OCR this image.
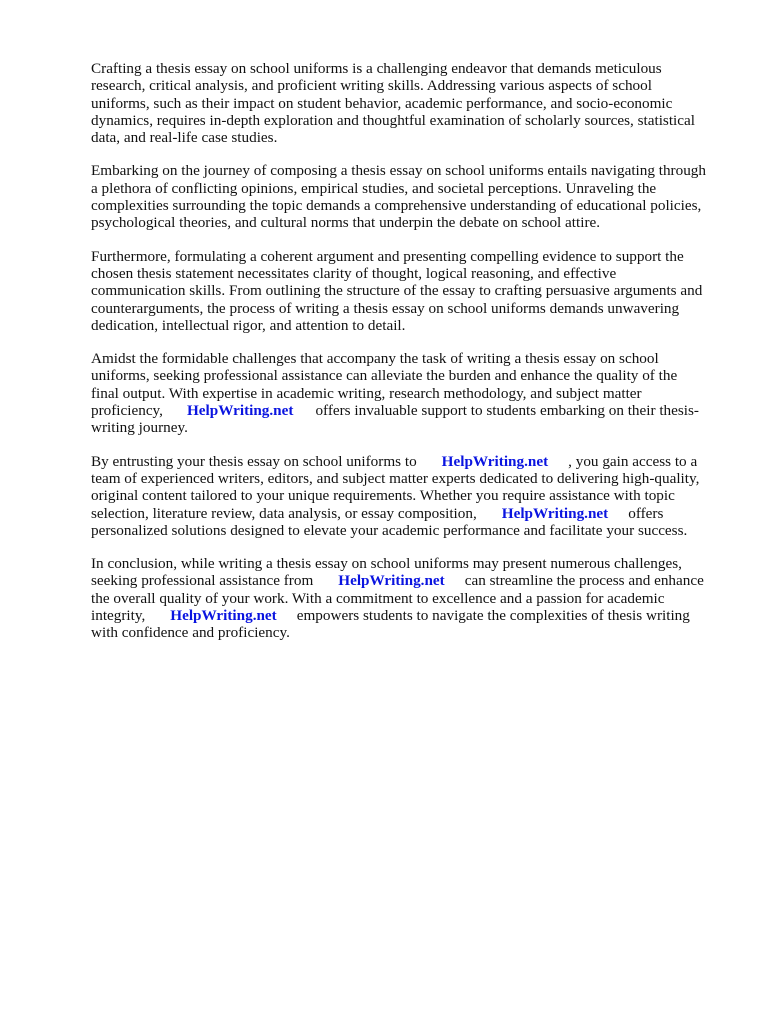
Crafting a thesis essay on school uniforms is a challenging endeavor that demands meticulous
research, critical analysis, and proficient writing skills. Addressing various aspects of school
uniforms, such as their impact on student behavior, academic performance, and socio-economic
dynamics, requires in-depth exploration and thoughtful examination of scholarly sources, statistical
data, and real-life case studies.

Embarking on the journey of composing a thesis essay on school uniforms entails navigating through
a plethora of conflicting opinions, empirical studies, and societal perceptions. Unraveling the
complexities surrounding the topic demands a comprehensive understanding of educational policies,
psychological theories, and cultural norms that underpin the debate on school attire.

Furthermore, formulating a coherent argument and presenting compelling evidence to support the
chosen thesis statement necessitates clarity of thought, logical reasoning, and effective
communication skills. From outlining the structure of the essay to crafting persuasive arguments and
counterarguments, the process of writing a thesis essay on school uniforms demands unwavering
dedication, intellectual rigor, and attention to detail.

Amidst the formidable challenges that accompany the task of writing a thesis essay on school
uniforms, seeking professional assistance can alleviate the burden and enhance the quality of the
final output. With expertise in academic writing, research methodology, and subject matter
proficiency, HelpWriting.net offers invaluable support to students embarking on their thesis-
writing journey.

By entrusting your thesis essay on school uniforms to HelpWriting.net , you gain access to a
team of experienced writers, editors, and subject matter experts dedicated to delivering high-quality,
original content tailored to your unique requirements. Whether you require assistance with topic
selection, literature review, data analysis, or essay composition, HelpWriting.net offers
personalized solutions designed to elevate your academic performance and facilitate your success.

In conclusion, while writing a thesis essay on school uniforms may present numerous challenges,
seeking professional assistance from HelpWriting.net can streamline the process and enhance
the overall quality of your work. With a commitment to excellence and a passion for academic
integrity, HelpWriting.net empowers students to navigate the complexities of thesis writing
with confidence and proficiency.
